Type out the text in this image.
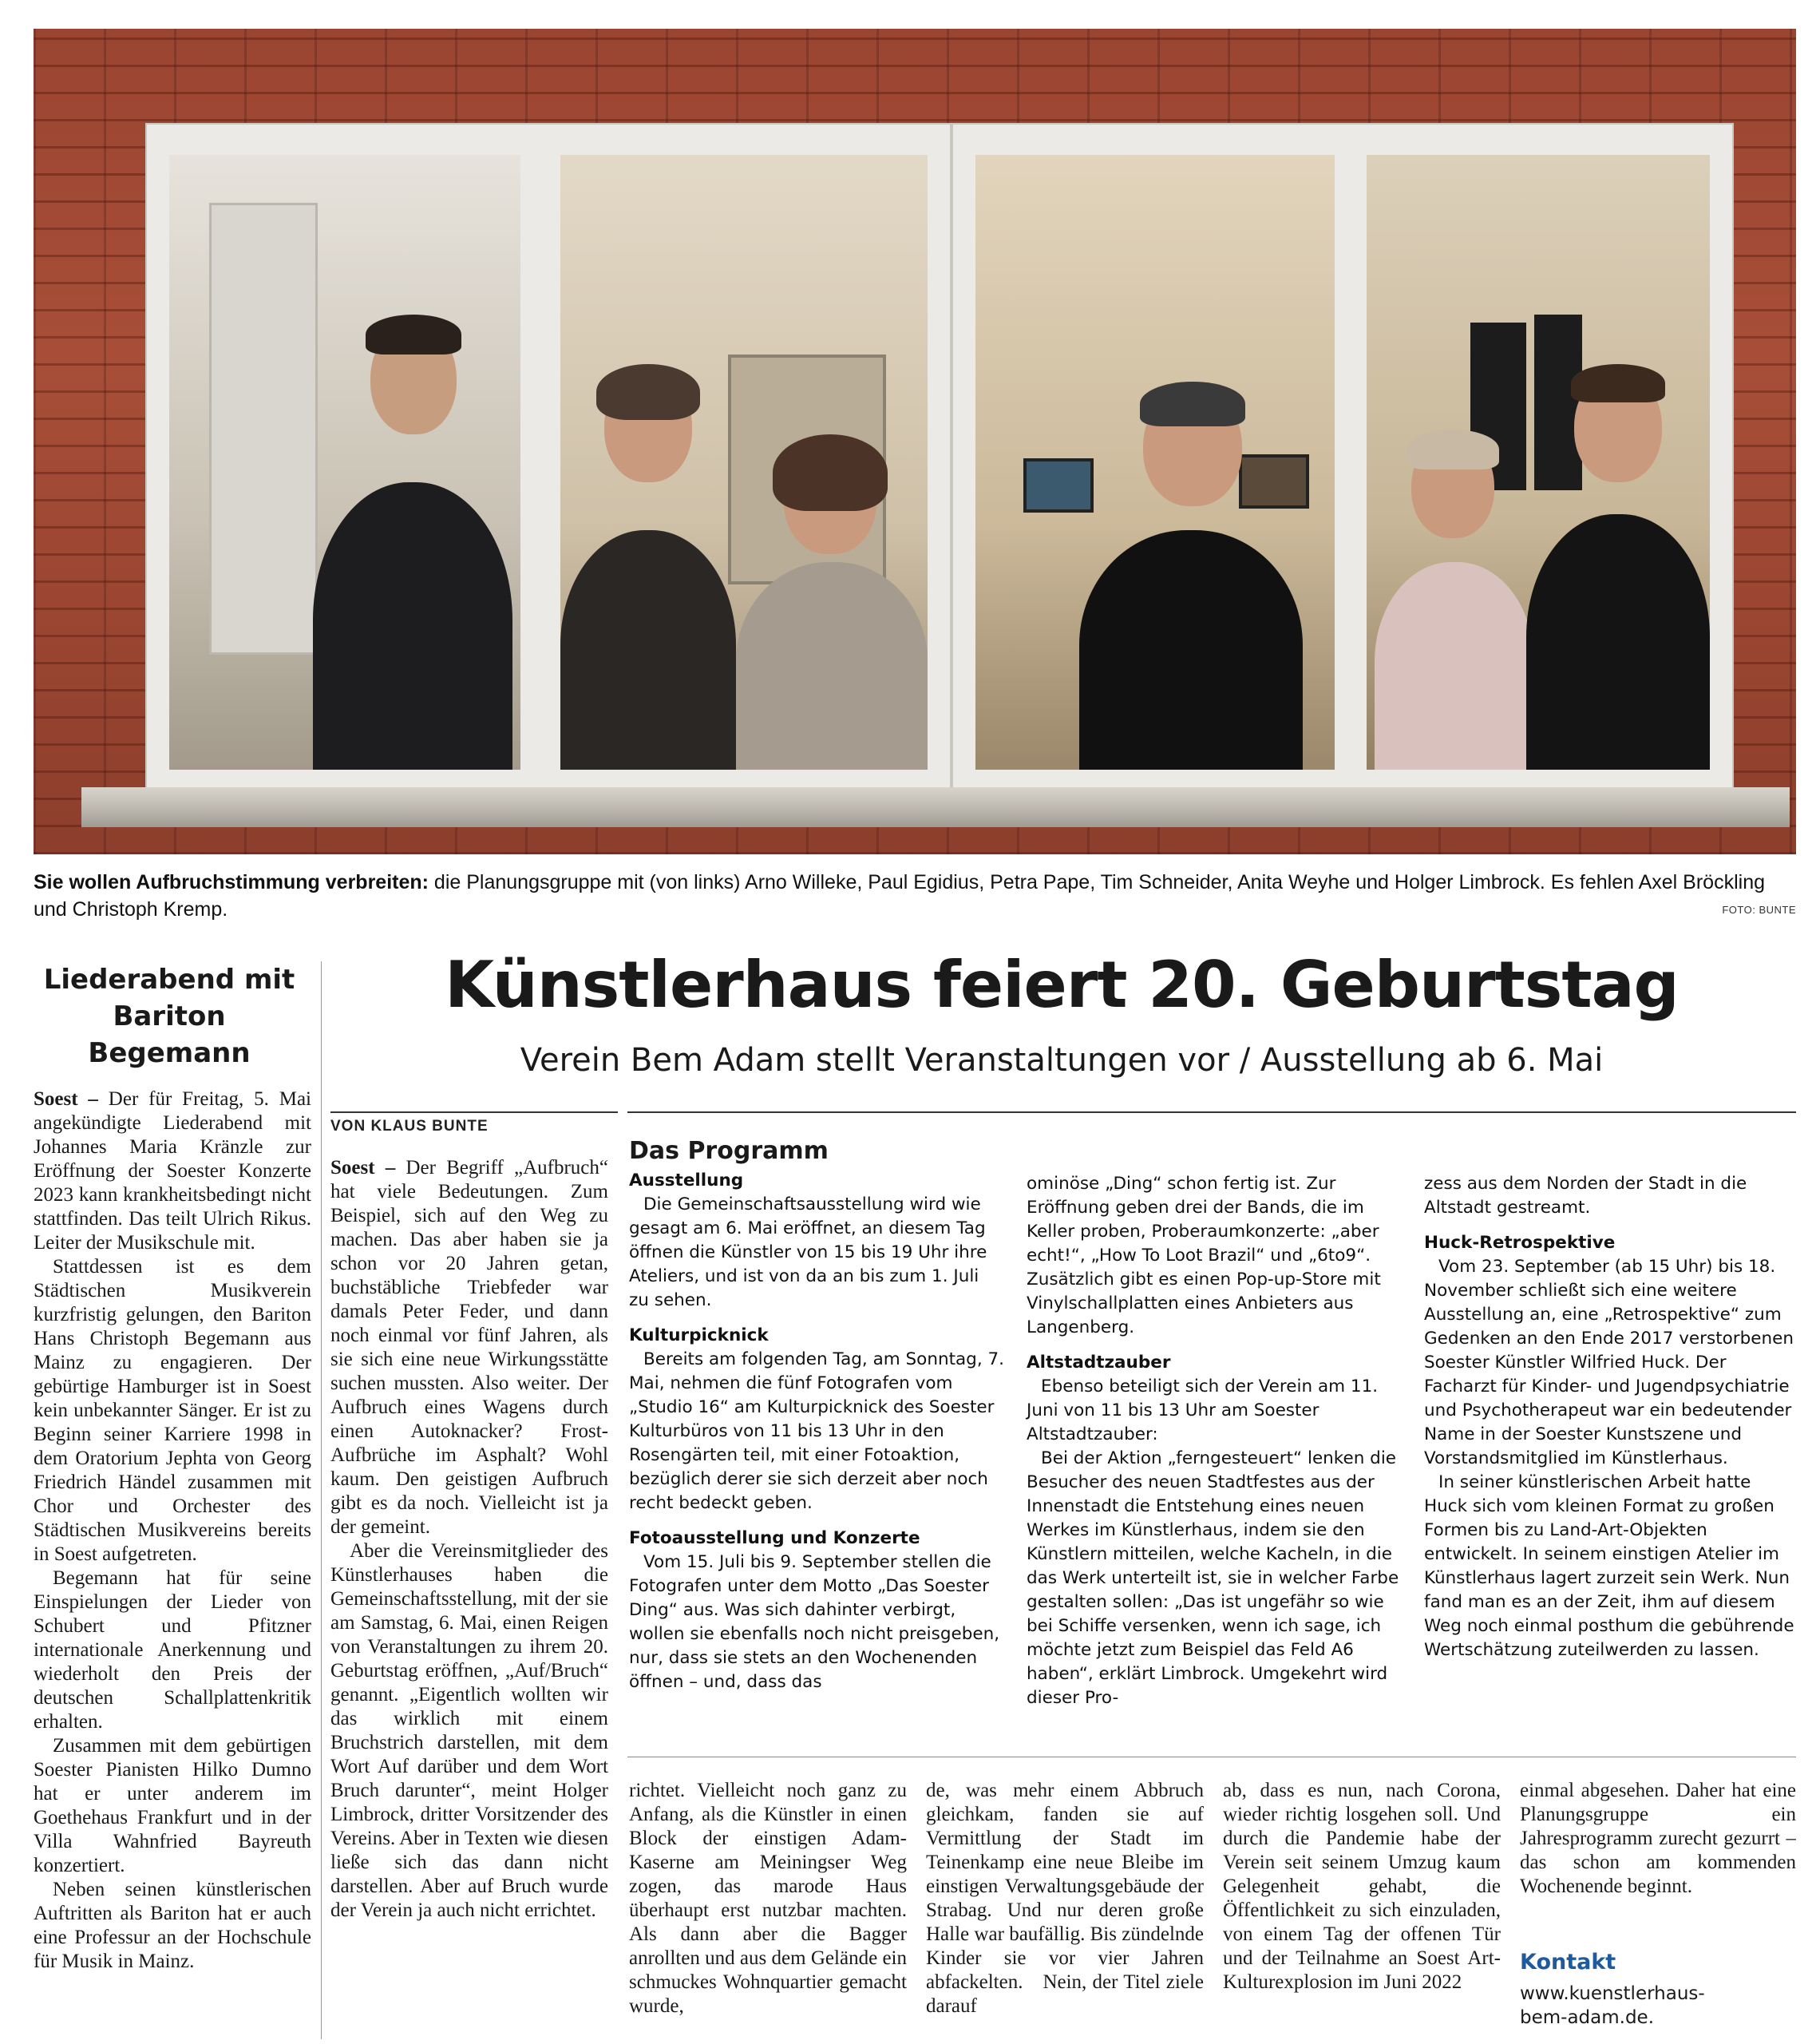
Sie wollen Aufbruchstimmung verbreiten: die Planungsgruppe mit (von links) Arno Willeke, Paul Egidius, Petra Pape, Tim Schneider, Anita Weyhe und Holger Limbrock. Es fehlen Axel Bröckling und Christoph Kremp.	FOTO: BUNTE
Liederabend mit Bariton Begemann

Soest – Der für Freitag, 5. Mai angekündigte Liederabend mit Johannes Maria Kränzle zur Eröffnung der Soester Konzerte 2023 kann krankheitsbedingt nicht stattfinden. Das teilt Ulrich Rikus. Leiter der Musikschule mit.

Stattdessen ist es dem Städtischen Musikverein kurzfristig gelungen, den Bariton Hans Christoph Begemann aus Mainz zu engagieren. Der gebürtige Hamburger ist in Soest kein unbekannter Sänger. Er ist zu Beginn seiner Karriere 1998 in dem Oratorium Jephta von Georg Friedrich Händel zusammen mit Chor und Orchester des Städtischen Musikvereins bereits in Soest aufgetreten.

Begemann hat für seine Einspielungen der Lieder von Schubert und Pfitzner internationale Anerkennung und wiederholt den Preis der deutschen Schallplattenkritik erhalten.

Zusammen mit dem gebürtigen Soester Pianisten Hilko Dumno hat er unter anderem im Goethehaus Frankfurt und in der Villa Wahnfried Bayreuth konzertiert.

Neben seinen künstlerischen Auftritten als Bariton hat er auch eine Professur an der Hochschule für Musik in Mainz.

Künstlerhaus feiert 20. Geburtstag
Verein Bem Adam stellt Veranstaltungen vor / Ausstellung ab 6. Mai
VON KLAUS BUNTE

Soest – Der Begriff „Aufbruch“ hat viele Bedeutungen. Zum Beispiel, sich auf den Weg zu machen. Das aber haben sie ja schon vor 20 Jahren getan, buchstäbliche Triebfeder war damals Peter Feder, und dann noch einmal vor fünf Jahren, als sie sich eine neue Wirkungsstätte suchen mussten. Also weiter. Der Aufbruch eines Wagens durch einen Autoknacker? Frost-Aufbrüche im Asphalt? Wohl kaum. Den geistigen Aufbruch gibt es da noch. Vielleicht ist ja der gemeint.

Aber die Vereinsmitglieder des Künstlerhauses haben die Gemeinschaftsstellung, mit der sie am Samstag, 6. Mai, einen Reigen von Veranstaltungen zu ihrem 20. Geburtstag eröffnen, „Auf/Bruch“ genannt. „Eigentlich wollten wir das wirklich mit einem Bruchstrich darstellen, mit dem Wort Auf darüber und dem Wort Bruch darunter“, meint Holger Limbrock, dritter Vorsitzender des Vereins. Aber in Texten wie diesen ließe sich das dann nicht darstellen. Aber auf Bruch wurde der Verein ja auch nicht errichtet.

Das Programm
Ausstellung

Die Gemeinschaftsausstellung wird wie gesagt am 6. Mai eröffnet, an diesem Tag öffnen die Künstler von 15 bis 19 Uhr ihre Ateliers, und ist von da an bis zum 1. Juli zu sehen.

Kulturpicknick

Bereits am folgenden Tag, am Sonntag, 7. Mai, nehmen die fünf Fotografen vom „Studio 16“ am Kulturpicknick des Soester Kulturbüros von 11 bis 13 Uhr in den Rosengärten teil, mit einer Fotoaktion, bezüglich derer sie sich derzeit aber noch recht bedeckt geben.

Fotoausstellung und Konzerte

Vom 15. Juli bis 9. September stellen die Fotografen unter dem Motto „Das Soester Ding“ aus. Was sich dahinter verbirgt, wollen sie ebenfalls noch nicht preisgeben, nur, dass sie stets an den Wochenenden öffnen – und, dass das

ominöse „Ding“ schon fertig ist. Zur Eröffnung geben drei der Bands, die im Keller proben, Proberaumkonzerte: „aber echt!“, „How To Loot Brazil“ und „6to9“. Zusätzlich gibt es einen Pop-up-Store mit Vinylschallplatten eines Anbieters aus Langenberg.

Altstadtzauber

Ebenso beteiligt sich der Verein am 11. Juni von 11 bis 13 Uhr am Soester Altstadtzauber:

Bei der Aktion „ferngesteuert“ lenken die Besucher des neuen Stadtfestes aus der Innenstadt die Entstehung eines neuen Werkes im Künstlerhaus, indem sie den Künstlern mitteilen, welche Kacheln, in die das Werk unterteilt ist, sie in welcher Farbe gestalten sollen: „Das ist ungefähr so wie bei Schiffe versenken, wenn ich sage, ich möchte jetzt zum Beispiel das Feld A6 haben“, erklärt Limbrock. Umgekehrt wird dieser Pro-

zess aus dem Norden der Stadt in die Altstadt gestreamt.

Huck-Retrospektive

Vom 23. September (ab 15 Uhr) bis 18. November schließt sich eine weitere Ausstellung an, eine „Retrospektive“ zum Gedenken an den Ende 2017 verstorbenen Soester Künstler Wilfried Huck. Der Facharzt für Kinder- und Jugendpsychiatrie und Psychotherapeut war ein bedeutender Name in der Soester Kunstszene und Vorstandsmitglied im Künstlerhaus.

In seiner künstlerischen Arbeit hatte Huck sich vom kleinen Format zu großen Formen bis zu Land-Art-Objekten entwickelt. In seinem einstigen Atelier im Künstlerhaus lagert zurzeit sein Werk. Nun fand man es an der Zeit, ihm auf diesem Weg noch einmal posthum die gebührende Wertschätzung zuteilwerden zu lassen.

richtet. Vielleicht noch ganz zu Anfang, als die Künstler in einen Block der einstigen Adam-Kaserne am Meiningser Weg zogen, das marode Haus überhaupt erst nutzbar machten. Als dann aber die Bagger anrollten und aus dem Gelände ein schmuckes Wohnquartier gemacht wurde,

de, was mehr einem Abbruch gleichkam, fanden sie auf Vermittlung der Stadt im Teinenkamp eine neue Bleibe im einstigen Verwaltungsgebäude der Strabag. Und nur deren große Halle war baufällig. Bis zündelnde Kinder sie vor vier Jahren abfackelten. Nein, der Titel ziele darauf

ab, dass es nun, nach Corona, wieder richtig losgehen soll. Und durch die Pandemie habe der Verein seit seinem Umzug kaum Gelegenheit gehabt, die Öffentlichkeit zu sich einzuladen, von einem Tag der offenen Tür und der Teilnahme an Soest Art-Kulturexplosion im Juni 2022

einmal abgesehen. Daher hat eine Planungsgruppe ein Jahresprogramm zurecht gezurrt – das schon am kommenden Wochenende beginnt.

Kontakt
www.kuenstlerhaus-bem-adam.de.
